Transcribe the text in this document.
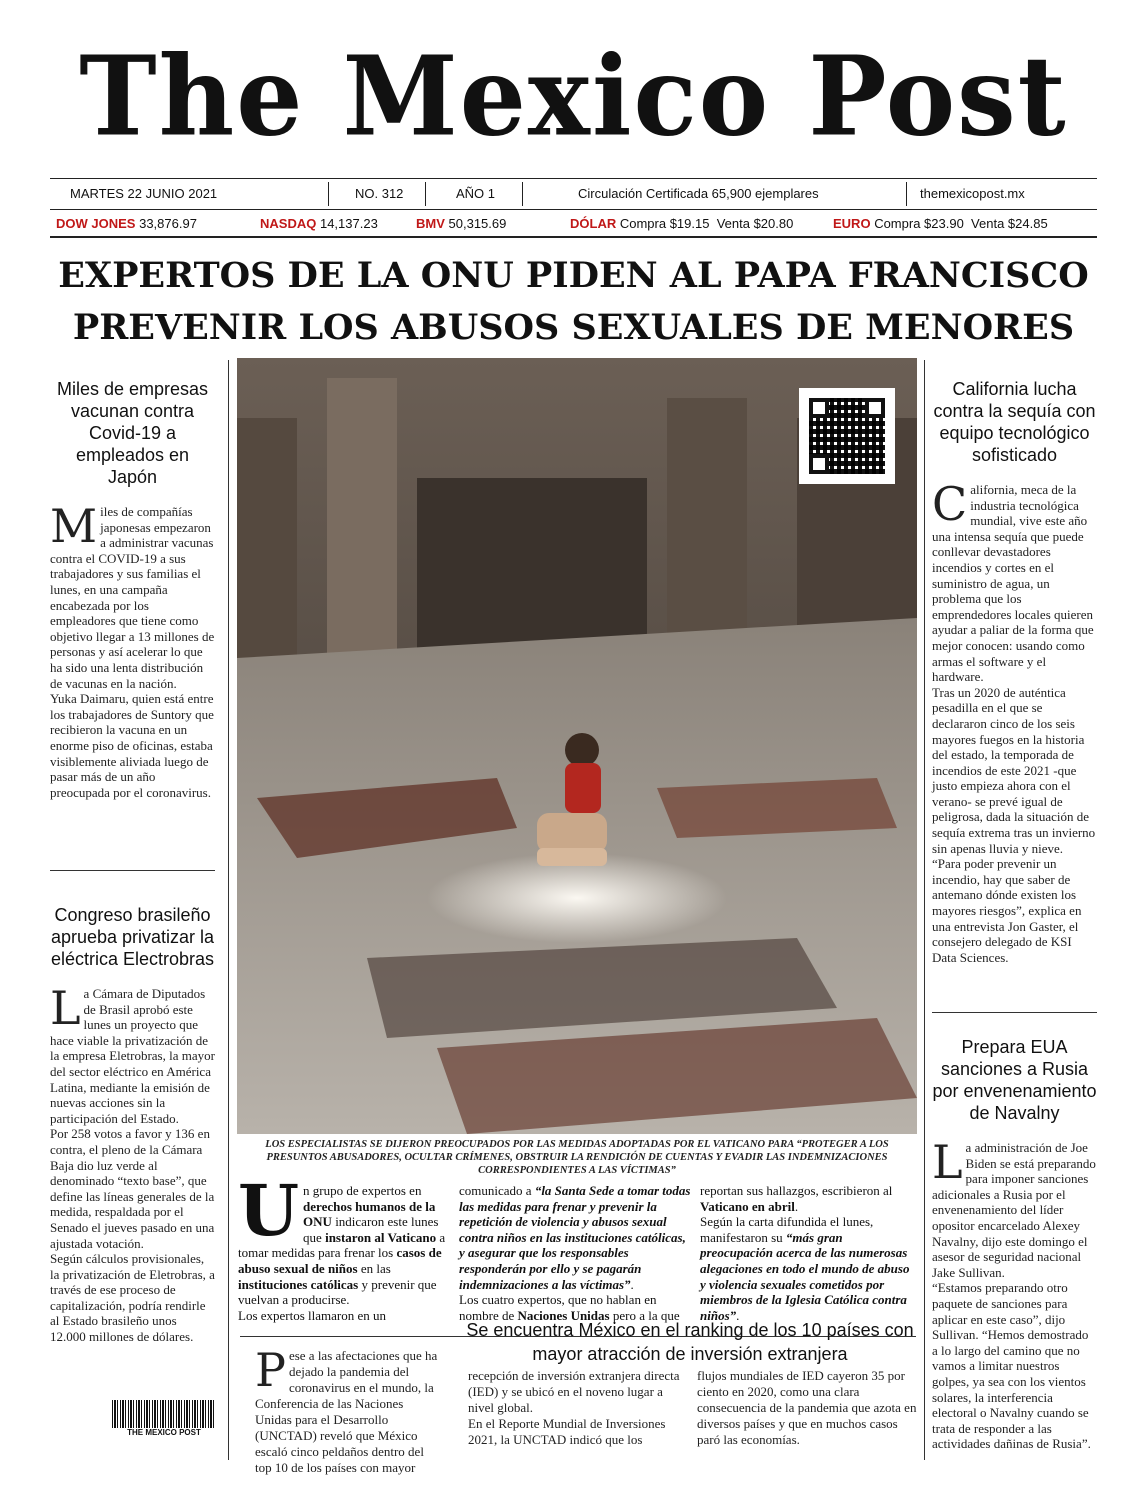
The Mexico Post
MARTES 22 JUNIO 2021	NO. 312	AÑO 1	Circulación Certificada 65,900 ejemplares	themexicopost.mx
DOW JONES 33,876.97	NASDAQ 14,137.23	BMV 50,315.69	DÓLAR Compra $19.15 Venta $20.80	EURO Compra $23.90 Venta $24.85
EXPERTOS DE LA ONU PIDEN AL PAPA FRANCISCO
PREVENIR LOS ABUSOS SEXUALES DE MENORES
Miles de empresas vacunan contra Covid-19 a empleados en Japón
Miles de compañías japonesas empezaron a administrar vacunas contra el COVID-19 a sus trabajadores y sus familias el lunes, en una campaña encabezada por los empleadores que tiene como objetivo llegar a 13 millones de personas y así acelerar lo que ha sido una lenta distribución de vacunas en la nación.
Yuka Daimaru, quien está entre los trabajadores de Suntory que recibieron la vacuna en un enorme piso de oficinas, estaba visiblemente aliviada luego de pasar más de un año preocupada por el coronavirus.
Congreso brasileño aprueba privatizar la eléctrica Electrobras
La Cámara de Diputados de Brasil aprobó este lunes un proyecto que hace viable la privatización de la empresa Eletrobras, la mayor del sector eléctrico en América Latina, mediante la emisión de nuevas acciones sin la participación del Estado.
Por 258 votos a favor y 136 en contra, el pleno de la Cámara Baja dio luz verde al denominado “texto base”, que define las líneas generales de la medida, respaldada por el Senado el jueves pasado en una ajustada votación.
Según cálculos provisionales, la privatización de Eletrobras, a través de ese proceso de capitalización, podría rendirle al Estado brasileño unos 12.000 millones de dólares.
THE MEXICO POST
LOS ESPECIALISTAS SE DIJERON PREOCUPADOS POR LAS MEDIDAS ADOPTADAS POR EL VATICANO PARA “PROTEGER A LOS PRESUNTOS ABUSADORES, OCULTAR CRÍMENES, OBSTRUIR LA RENDICIÓN DE CUENTAS Y EVADIR LAS INDEMNIZACIONES CORRESPONDIENTES A LAS VÍCTIMAS”
Un grupo de expertos en derechos humanos de la ONU indicaron este lunes que instaron al Vaticano a tomar medidas para frenar los casos de abuso sexual de niños en las instituciones católicas y prevenir que vuelvan a producirse.
Los expertos llamaron en un
comunicado a “la Santa Sede a tomar todas las medidas para frenar y prevenir la repetición de violencia y abusos sexual contra niños en las instituciones católicas, y asegurar que los responsables responderán por ello y se pagarán indemnizaciones a las víctimas”.
Los cuatro expertos, que no hablan en nombre de Naciones Unidas pero a la que
reportan sus hallazgos, escribieron al Vaticano en abril.
Según la carta difundida el lunes, manifestaron su “más gran preocupación acerca de las numerosas alegaciones en todo el mundo de abuso y violencia sexuales cometidos por miembros de la Iglesia Católica contra niños”.
Se encuentra México en el ranking de los 10 países con mayor atracción de inversión extranjera
Pese a las afectaciones que ha dejado la pandemia del coronavirus en el mundo, la Conferencia de las Naciones Unidas para el Desarrollo (UNCTAD) reveló que México escaló cinco peldaños dentro del top 10 de los países con mayor
recepción de inversión extranjera directa (IED) y se ubicó en el noveno lugar a nivel global.
En el Reporte Mundial de Inversiones 2021, la UNCTAD indicó que los
flujos mundiales de IED cayeron 35 por ciento en 2020, como una clara consecuencia de la pandemia que azota en diversos países y que en muchos casos paró las economías.
California lucha contra la sequía con equipo tecnológico sofisticado
California, meca de la industria tecnológica mundial, vive este año una intensa sequía que puede conllevar devastadores incendios y cortes en el suministro de agua, un problema que los emprendedores locales quieren ayudar a paliar de la forma que mejor conocen: usando como armas el software y el hardware.
Tras un 2020 de auténtica pesadilla en el que se declararon cinco de los seis mayores fuegos en la historia del estado, la temporada de incendios de este 2021 -que justo empieza ahora con el verano- se prevé igual de peligrosa, dada la situación de sequía extrema tras un invierno sin apenas lluvia y nieve.
“Para poder prevenir un incendio, hay que saber de antemano dónde existen los mayores riesgos”, explica en una entrevista Jon Gaster, el consejero delegado de KSI Data Sciences.
Prepara EUA sanciones a Rusia por envenenamiento de Navalny
La administración de Joe Biden se está preparando para imponer sanciones adicionales a Rusia por el envenenamiento del líder opositor encarcelado Alexey Navalny, dijo este domingo el asesor de seguridad nacional Jake Sullivan.
“Estamos preparando otro paquete de sanciones para aplicar en este caso”, dijo Sullivan. “Hemos demostrado a lo largo del camino que no vamos a limitar nuestros golpes, ya sea con los vientos solares, la interferencia electoral o Navalny cuando se trata de responder a las actividades dañinas de Rusia”.
